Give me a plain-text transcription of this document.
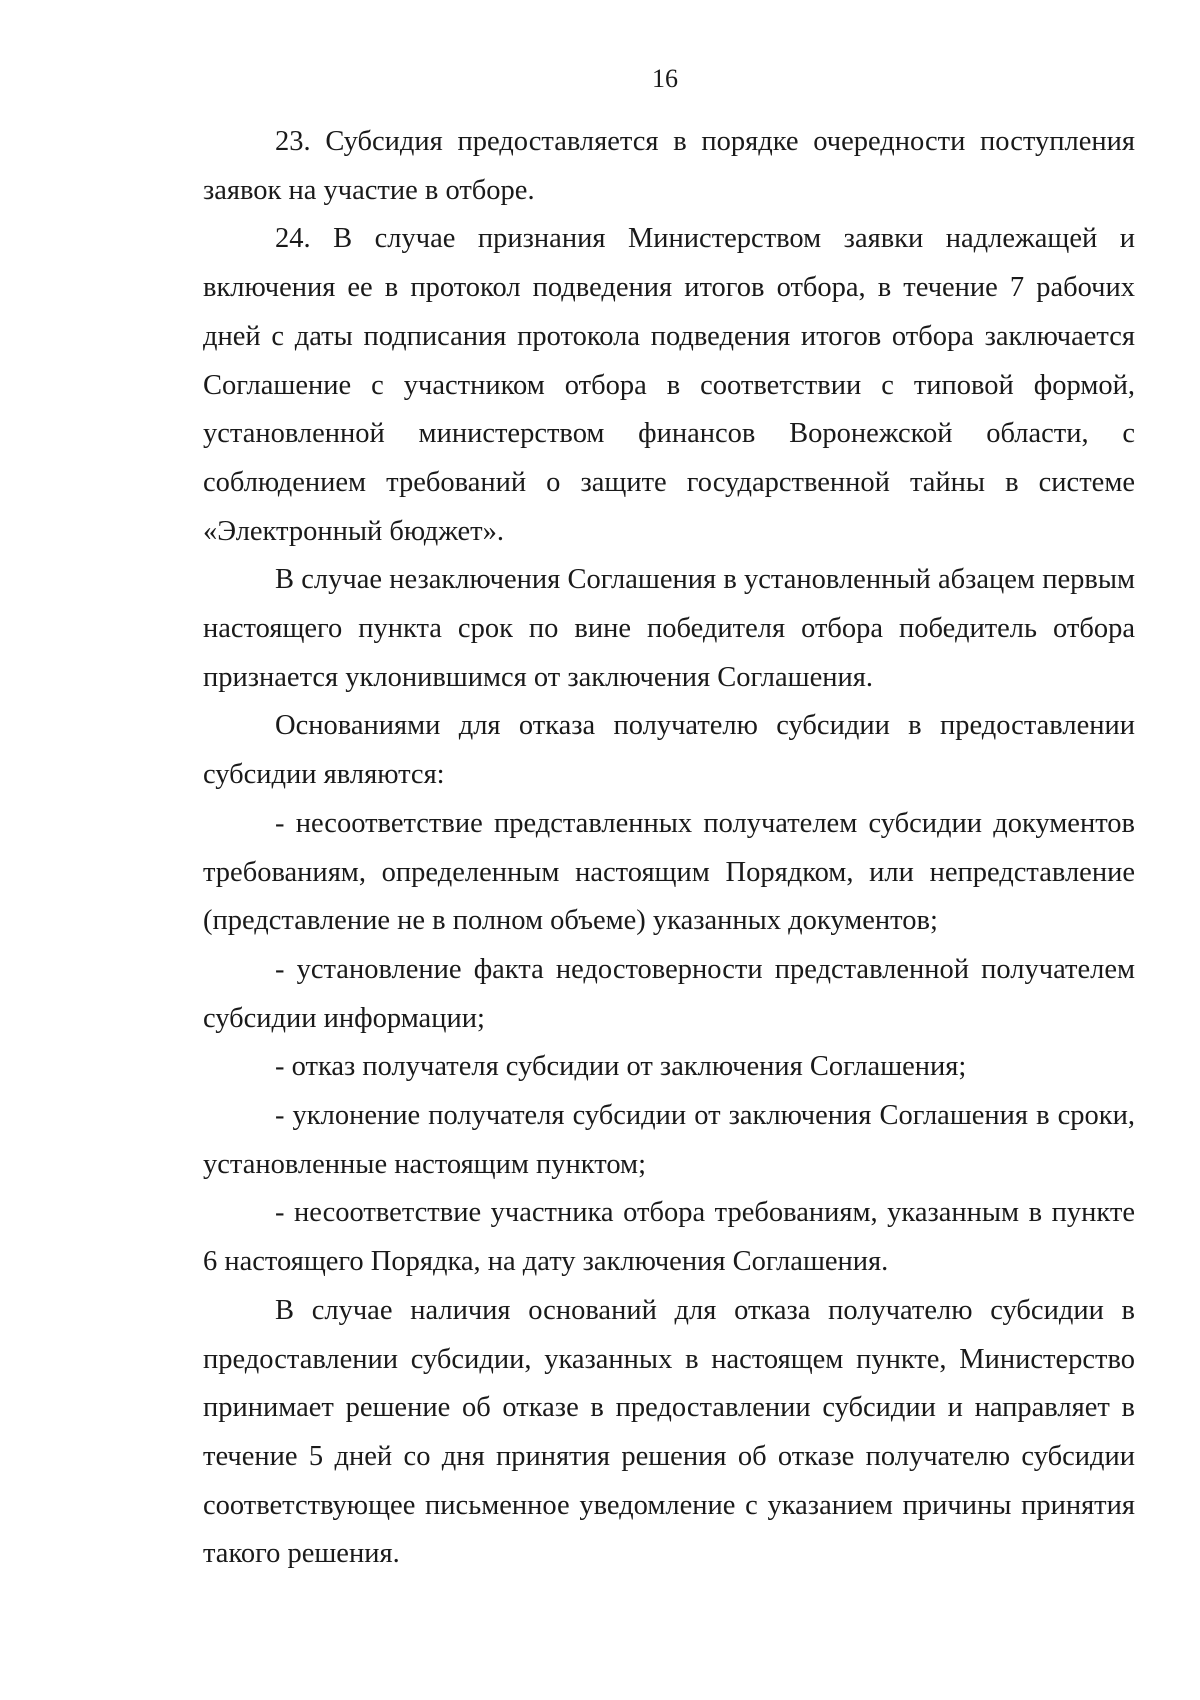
16

23. Субсидия предоставляется в порядке очередности поступления заявок на участие в отборе.

24. В случае признания Министерством заявки надлежащей и включения ее в протокол подведения итогов отбора, в течение 7 рабочих дней с даты подписания протокола подведения итогов отбора заключается Соглашение с участником отбора в соответствии с типовой формой, установленной министерством финансов Воронежской области, с соблюдением требований о защите государственной тайны в системе «Электронный бюджет».

В случае незаключения Соглашения в установленный абзацем первым настоящего пункта срок по вине победителя отбора победитель отбора признается уклонившимся от заключения Соглашения.

Основаниями для отказа получателю субсидии в предоставлении субсидии являются:

- несоответствие представленных получателем субсидии документов требованиям, определенным настоящим Порядком, или непредставление (представление не в полном объеме) указанных документов;

- установление факта недостоверности представленной получателем субсидии информации;

- отказ получателя субсидии от заключения Соглашения;

- уклонение получателя субсидии от заключения Соглашения в сроки, установленные настоящим пунктом;

- несоответствие участника отбора требованиям, указанным в пункте 6 настоящего Порядка, на дату заключения Соглашения.

В случае наличия оснований для отказа получателю субсидии в предоставлении субсидии, указанных в настоящем пункте, Министерство принимает решение об отказе в предоставлении субсидии и направляет в течение 5 дней со дня принятия решения об отказе получателю субсидии соответствующее письменное уведомление с указанием причины принятия такого решения.
